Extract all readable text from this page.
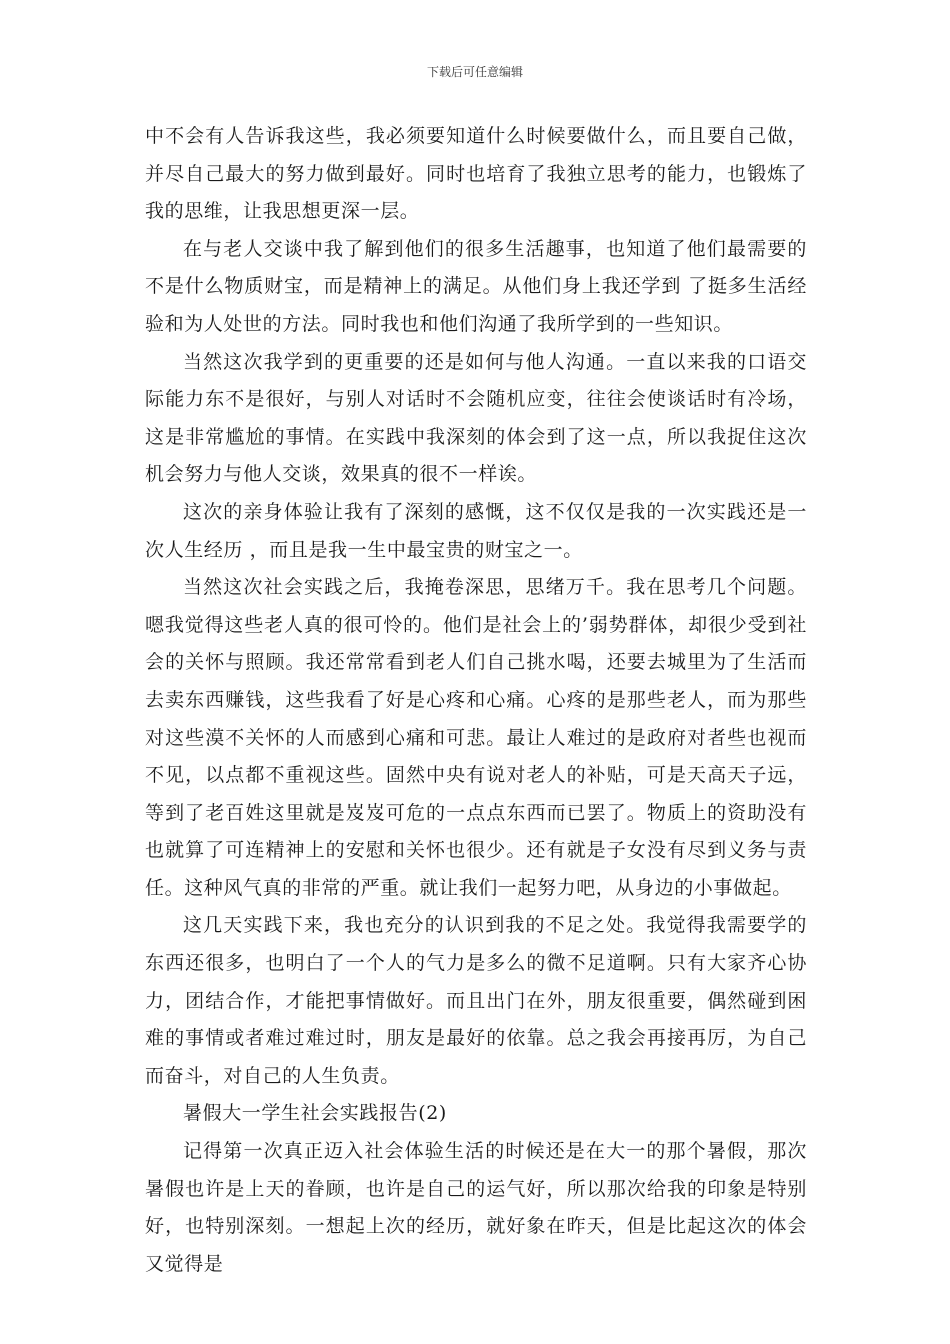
下载后可任意编辑

中不会有人告诉我这些，我必须要知道什么时候要做什么，而且要自己做，并尽自己最大的努力做到最好。同时也培育了我独立思考的能力，也锻炼了我的思维，让我思想更深一层。

在与老人交谈中我了解到他们的很多生活趣事，也知道了他们最需要的不是什么物质财宝，而是精神上的满足。从他们身上我还学到 了挺多生活经验和为人处世的方法。同时我也和他们沟通了我所学到的一些知识。

当然这次我学到的更重要的还是如何与他人沟通。一直以来我的口语交际能力东不是很好，与别人对话时不会随机应变，往往会使谈话时有冷场，这是非常尴尬的事情。在实践中我深刻的体会到了这一点，所以我捉住这次机会努力与他人交谈，效果真的很不一样诶。

这次的亲身体验让我有了深刻的感慨，这不仅仅是我的一次实践还是一次人生经历 ，而且是我一生中最宝贵的财宝之一。

当然这次社会实践之后，我掩卷深思，思绪万千。我在思考几个问题。嗯我觉得这些老人真的很可怜的。他们是社会上的’弱势群体，却很少受到社会的关怀与照顾。我还常常看到老人们自己挑水喝，还要去城里为了生活而去卖东西赚钱，这些我看了好是心疼和心痛。心疼的是那些老人，而为那些对这些漠不关怀的人而感到心痛和可悲。最让人难过的是政府对者些也视而不见，以点都不重视这些。固然中央有说对老人的补贴，可是天高天子远，等到了老百姓这里就是岌岌可危的一点点东西而已罢了。物质上的资助没有也就算了可连精神上的安慰和关怀也很少。还有就是子女没有尽到义务与责任。这种风气真的非常的严重。就让我们一起努力吧，从身边的小事做起。

这几天实践下来，我也充分的认识到我的不足之处。我觉得我需要学的东西还很多，也明白了一个人的气力是多么的微不足道啊。只有大家齐心协力，团结合作，才能把事情做好。而且出门在外，朋友很重要，偶然碰到困难的事情或者难过难过时，朋友是最好的依靠。总之我会再接再厉，为自己而奋斗，对自己的人生负责。

暑假大一学生社会实践报告(2)

记得第一次真正迈入社会体验生活的时候还是在大一的那个暑假，那次暑假也许是上天的眷顾，也许是自己的运气好，所以那次给我的印象是特别好，也特别深刻。一想起上次的经历，就好象在昨天，但是比起这次的体会又觉得是
